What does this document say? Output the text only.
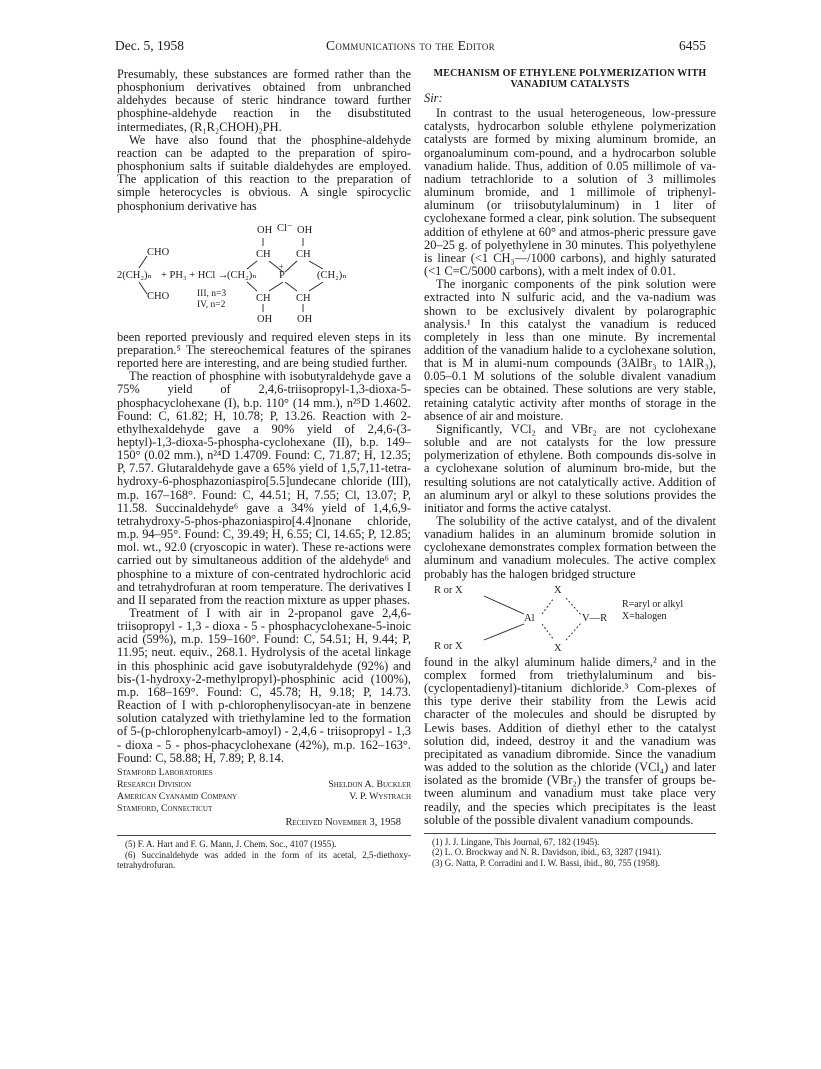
Dec. 5, 1958	Communications to the Editor	6455

Presumably, these substances are formed rather than the phosphonium derivatives obtained from unbranched aldehydes because of steric hindrance toward further phosphine-aldehyde reaction in the disubstituted intermediates, (R₁R₂CHOH)₂PH.

We have also found that the phosphine-aldehyde reaction can be adapted to the preparation of spiro-phosphonium salts if suitable dialdehydes are employed. The application of this reaction to the preparation of simple heterocycles is obvious. A single spirocyclic phosphonium derivative has

OH Cl⁻ OH
CHO	CH CH
2(CH₂)ₙ + PH₃ + HCl →
(CH₂)ₙ
+
P	(CH₂)ₙ
CHO	CH CH
III, n=3
IV, n=2
OH OH

been reported previously and required eleven steps in its preparation.⁵ The stereochemical features of the spiranes reported here are interesting, and are being studied further.

The reaction of phosphine with isobutyraldehyde gave a 75% yield of 2,4,6-triisopropyl-1,3-dioxa-5-phosphacyclohexane (I), b.p. 110° (14 mm.), n²⁵D 1.4602. Found: C, 61.82; H, 10.78; P, 13.26. Reaction with 2-ethylhexaldehyde gave a 90% yield of 2,4,6-(3-heptyl)-1,3-dioxa-5-phospha-cyclohexane (II), b.p. 149–150° (0.02 mm.), n²⁴D 1.4709. Found: C, 71.87; H, 12.35; P, 7.57. Glutaraldehyde gave a 65% yield of 1,5,7,11-tetra-hydroxy-6-phosphazoniaspiro[5.5]undecane chloride (III), m.p. 167–168°. Found: C, 44.51; H, 7.55; Cl, 13.07; P, 11.58. Succinaldehyde⁶ gave a 34% yield of 1,4,6,9-tetrahydroxy-5-phos-phazoniaspiro[4.4]nonane chloride, m.p. 94–95°. Found: C, 39.49; H, 6.55; Cl, 14.65; P, 12.85; mol. wt., 92.0 (cryoscopic in water). These re-actions were carried out by simultaneous addition of the aldehyde⁶ and phosphine to a mixture of con-centrated hydrochloric acid and tetrahydrofuran at room temperature. The derivatives I and II separated from the reaction mixture as upper phases.

Treatment of I with air in 2-propanol gave 2,4,6-triisopropyl - 1,3 - dioxa - 5 - phosphacyclohexane-5-inoic acid (59%), m.p. 159–160°. Found: C, 54.51; H, 9.44; P, 11.95; neut. equiv., 268.1. Hydrolysis of the acetal linkage in this phosphinic acid gave isobutyraldehyde (92%) and bis-(1-hydroxy-2-methylpropyl)-phosphinic acid (100%), m.p. 168–169°. Found: C, 45.78; H, 9.18; P, 14.73. Reaction of I with p-chlorophenylisocyan-ate in benzene solution catalyzed with triethylamine led to the formation of 5-(p-chlorophenylcarb-amoyl) - 2,4,6 - triisopropyl - 1,3 - dioxa - 5 - phos-phacyclohexane (42%), m.p. 162–163°. Found: C, 58.88; H, 7.89; P, 8.14.

Stamford Laboratories
Research Division	Sheldon A. Buckler
American Cyanamid Company	V. P. Wystrach
Stamford, Connecticut
Received November 3, 1958

(5) F. A. Hart and F. G. Mann, J. Chem. Soc., 4107 (1955).

(6) Succinaldehyde was added in the form of its acetal, 2,5-diethoxy-tetrahydrofuran.

MECHANISM OF ETHYLENE POLYMERIZATION WITH VANADIUM CATALYSTS
Sir:

In contrast to the usual heterogeneous, low-pressure catalysts, hydrocarbon soluble ethylene polymerization catalysts are formed by mixing aluminum bromide, an organoaluminum com-pound, and a hydrocarbon soluble vanadium halide. Thus, addition of 0.05 millimole of va-nadium tetrachloride to a solution of 3 millimoles aluminum bromide, and 1 millimole of triphenyl-aluminum (or triisobutylaluminum) in 1 liter of cyclohexane formed a clear, pink solution. The subsequent addition of ethylene at 60° and atmos-pheric pressure gave 20–25 g. of polyethylene in 30 minutes. This polyethylene is linear (<1 CH₃—/1000 carbons), and highly saturated (<1 C=C/5000 carbons), with a melt index of 0.01.

The inorganic components of the pink solution were extracted into N sulfuric acid, and the va-nadium was shown to be exclusively divalent by polarographic analysis.¹ In this catalyst the vanadium is reduced completely in less than one minute. By incremental addition of the vanadium halide to a cyclohexane solution, that is M in alumi-num compounds (3AlBr₃ to 1AlR₃), 0.05–0.1 M solutions of the soluble divalent vanadium species can be obtained. These solutions are very stable, retaining catalytic activity after months of storage in the absence of air and moisture.

Significantly, VCl₂ and VBr₂ are not cyclohexane soluble and are not catalysts for the low pressure polymerization of ethylene. Both compounds dis-solve in a cyclohexane solution of aluminum bro-mide, but the resulting solutions are not catalytically active. Addition of an aluminum aryl or alkyl to these solutions provides the initiator and forms the active catalyst.

The solubility of the active catalyst, and of the divalent vanadium halides in an aluminum bromide solution in cyclohexane demonstrates complex formation between the aluminum and vanadium molecules. The active complex probably has the halogen bridged structure

R or X	X
Al	V—R
R or X	X
R=aryl or alkyl
X=halogen

found in the alkyl aluminum halide dimers,² and in the complex formed from triethylaluminum and bis-(cyclopentadienyl)-titanium dichloride.³ Com-plexes of this type derive their stability from the Lewis acid character of the molecules and should be disrupted by Lewis bases. Addition of diethyl ether to the catalyst solution did, indeed, destroy it and the vanadium was precipitated as vanadium dibromide. Since the vanadium was added to the solution as the chloride (VCl₄) and later isolated as the bromide (VBr₂) the transfer of groups be-tween aluminum and vanadium must take place very readily, and the species which precipitates is the least soluble of the possible divalent vanadium compounds.

(1) J. J. Lingane, This Journal, 67, 182 (1945).

(2) L. O. Brockway and N. R. Davidson, ibid., 63, 3287 (1941).

(3) G. Natta, P. Corradini and I. W. Bassi, ibid., 80, 755 (1958).
